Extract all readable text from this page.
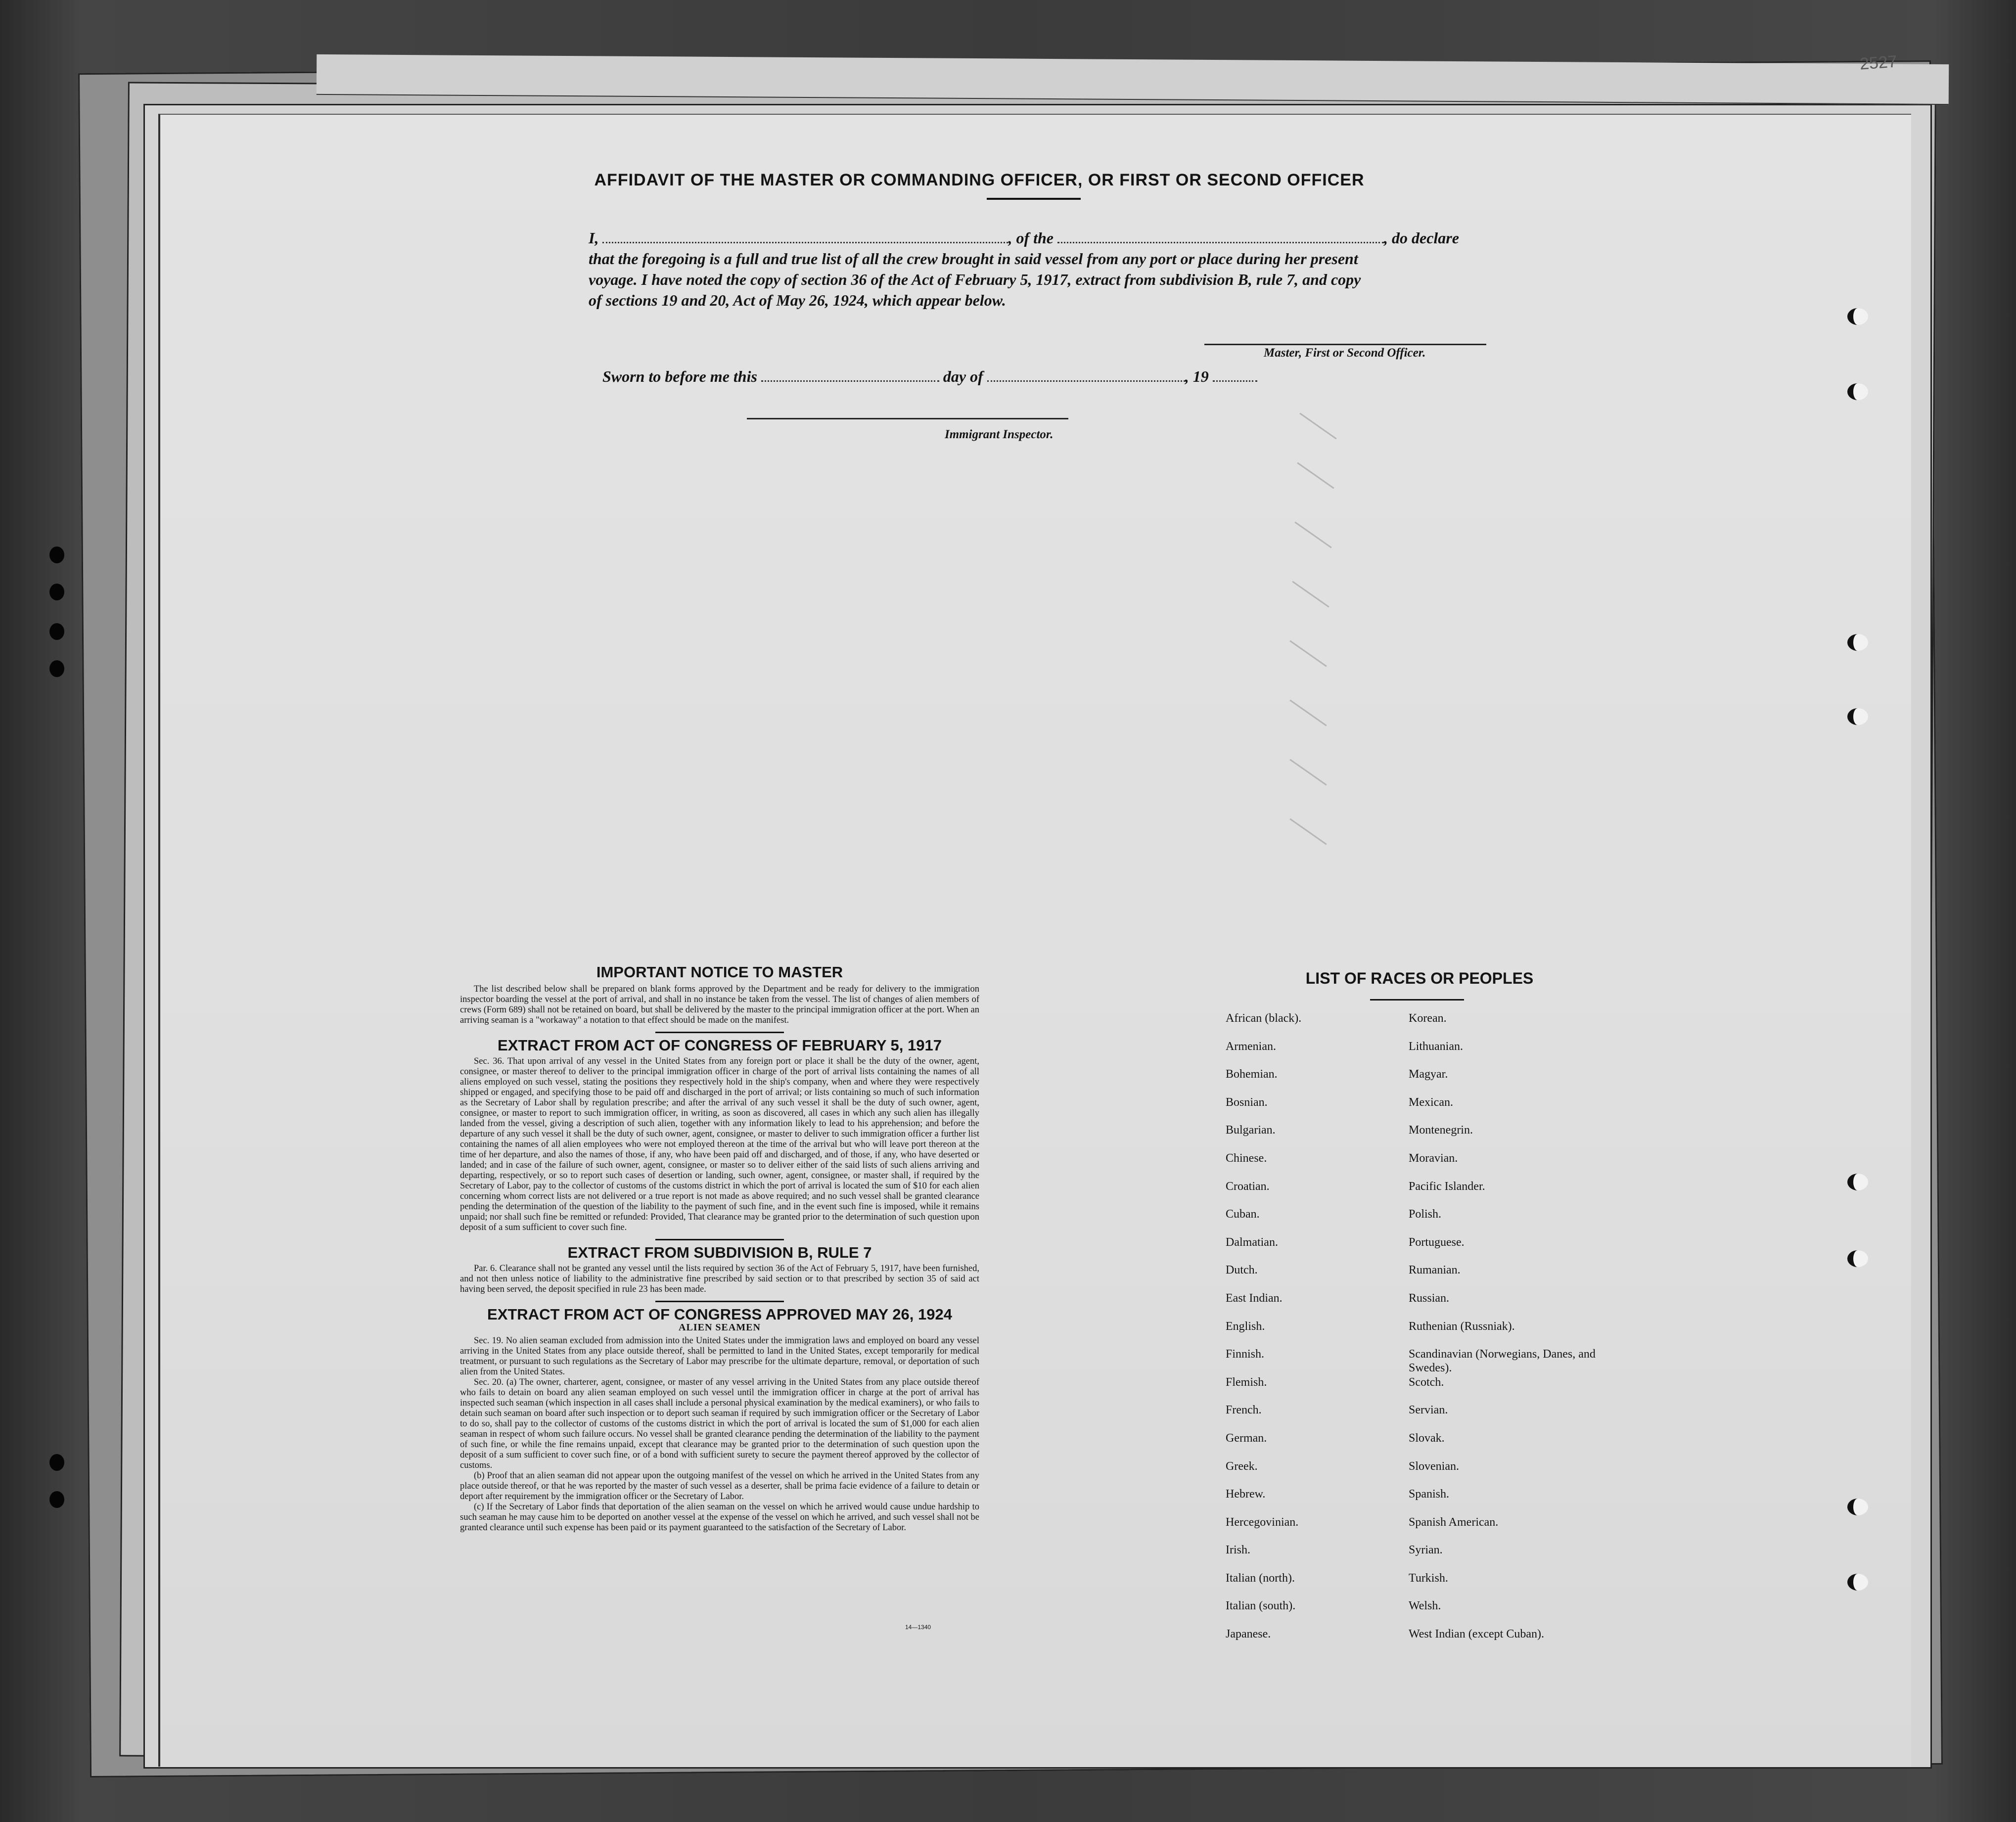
2527
AFFIDAVIT OF THE MASTER OR COMMANDING OFFICER, OR FIRST OR SECOND OFFICER
I,	, of the	, do declare
that the foregoing is a full and true list of all the crew brought in said vessel from any port or place during her present
voyage. I have noted the copy of section 36 of the Act of February 5, 1917, extract from subdivision B, rule 7, and copy
of sections 19 and 20, Act of May 26, 1924, which appear below.
Master, First or Second Officer.
Sworn to before me this	day of	, 19
Immigrant Inspector.
IMPORTANT NOTICE TO MASTER

The list described below shall be prepared on blank forms approved by the Department and be ready for delivery to the immigration inspector boarding the vessel at the port of arrival, and shall in no instance be taken from the vessel. The list of changes of alien members of crews (Form 689) shall not be retained on board, but shall be delivered by the master to the principal immigration officer at the port. When an arriving seaman is a "workaway" a notation to that effect should be made on the manifest.

EXTRACT FROM ACT OF CONGRESS OF FEBRUARY 5, 1917

Sec. 36. That upon arrival of any vessel in the United States from any foreign port or place it shall be the duty of the owner, agent, consignee, or master thereof to deliver to the principal immigration officer in charge of the port of arrival lists containing the names of all aliens employed on such vessel, stating the positions they respectively hold in the ship's company, when and where they were respectively shipped or engaged, and specifying those to be paid off and discharged in the port of arrival; or lists containing so much of such information as the Secretary of Labor shall by regulation prescribe; and after the arrival of any such vessel it shall be the duty of such owner, agent, consignee, or master to report to such immigration officer, in writing, as soon as discovered, all cases in which any such alien has illegally landed from the vessel, giving a description of such alien, together with any information likely to lead to his apprehension; and before the departure of any such vessel it shall be the duty of such owner, agent, consignee, or master to deliver to such immigration officer a further list containing the names of all alien employees who were not employed thereon at the time of the arrival but who will leave port thereon at the time of her departure, and also the names of those, if any, who have been paid off and discharged, and of those, if any, who have deserted or landed; and in case of the failure of such owner, agent, consignee, or master so to deliver either of the said lists of such aliens arriving and departing, respectively, or so to report such cases of desertion or landing, such owner, agent, consignee, or master shall, if required by the Secretary of Labor, pay to the collector of customs of the customs district in which the port of arrival is located the sum of $10 for each alien concerning whom correct lists are not delivered or a true report is not made as above required; and no such vessel shall be granted clearance pending the determination of the question of the liability to the payment of such fine, and in the event such fine is imposed, while it remains unpaid; nor shall such fine be remitted or refunded: Provided, That clearance may be granted prior to the determination of such question upon deposit of a sum sufficient to cover such fine.

EXTRACT FROM SUBDIVISION B, RULE 7

Par. 6. Clearance shall not be granted any vessel until the lists required by section 36 of the Act of February 5, 1917, have been furnished, and not then unless notice of liability to the administrative fine prescribed by said section or to that prescribed by section 35 of said act having been served, the deposit specified in rule 23 has been made.

EXTRACT FROM ACT OF CONGRESS APPROVED MAY 26, 1924
ALIEN SEAMEN

Sec. 19. No alien seaman excluded from admission into the United States under the immigration laws and employed on board any vessel arriving in the United States from any place outside thereof, shall be permitted to land in the United States, except temporarily for medical treatment, or pursuant to such regulations as the Secretary of Labor may prescribe for the ultimate departure, removal, or deportation of such alien from the United States.

Sec. 20. (a) The owner, charterer, agent, consignee, or master of any vessel arriving in the United States from any place outside thereof who fails to detain on board any alien seaman employed on such vessel until the immigration officer in charge at the port of arrival has inspected such seaman (which inspection in all cases shall include a personal physical examination by the medical examiners), or who fails to detain such seaman on board after such inspection or to deport such seaman if required by such immigration officer or the Secretary of Labor to do so, shall pay to the collector of customs of the customs district in which the port of arrival is located the sum of $1,000 for each alien seaman in respect of whom such failure occurs. No vessel shall be granted clearance pending the determination of the liability to the payment of such fine, or while the fine remains unpaid, except that clearance may be granted prior to the determination of such question upon the deposit of a sum sufficient to cover such fine, or of a bond with sufficient surety to secure the payment thereof approved by the collector of customs.

(b) Proof that an alien seaman did not appear upon the outgoing manifest of the vessel on which he arrived in the United States from any place outside thereof, or that he was reported by the master of such vessel as a deserter, shall be prima facie evidence of a failure to detain or deport after requirement by the immigration officer or the Secretary of Labor.

(c) If the Secretary of Labor finds that deportation of the alien seaman on the vessel on which he arrived would cause undue hardship to such seaman he may cause him to be deported on another vessel at the expense of the vessel on which he arrived, and such vessel shall not be granted clearance until such expense has been paid or its payment guaranteed to the satisfaction of the Secretary of Labor.

14—1340
LIST OF RACES OR PEOPLES
African (black).	Korean.
Armenian.	Lithuanian.
Bohemian.	Magyar.
Bosnian.	Mexican.
Bulgarian.	Montenegrin.
Chinese.	Moravian.
Croatian.	Pacific Islander.
Cuban.	Polish.
Dalmatian.	Portuguese.
Dutch.	Rumanian.
East Indian.	Russian.
English.	Ruthenian (Russniak).
Finnish.	Scandinavian (Norwegians, Danes, and Swedes).
Flemish.	Scotch.
French.	Servian.
German.	Slovak.
Greek.	Slovenian.
Hebrew.	Spanish.
Hercegovinian.	Spanish American.
Irish.	Syrian.
Italian (north).	Turkish.
Italian (south).	Welsh.
Japanese.	West Indian (except Cuban).
